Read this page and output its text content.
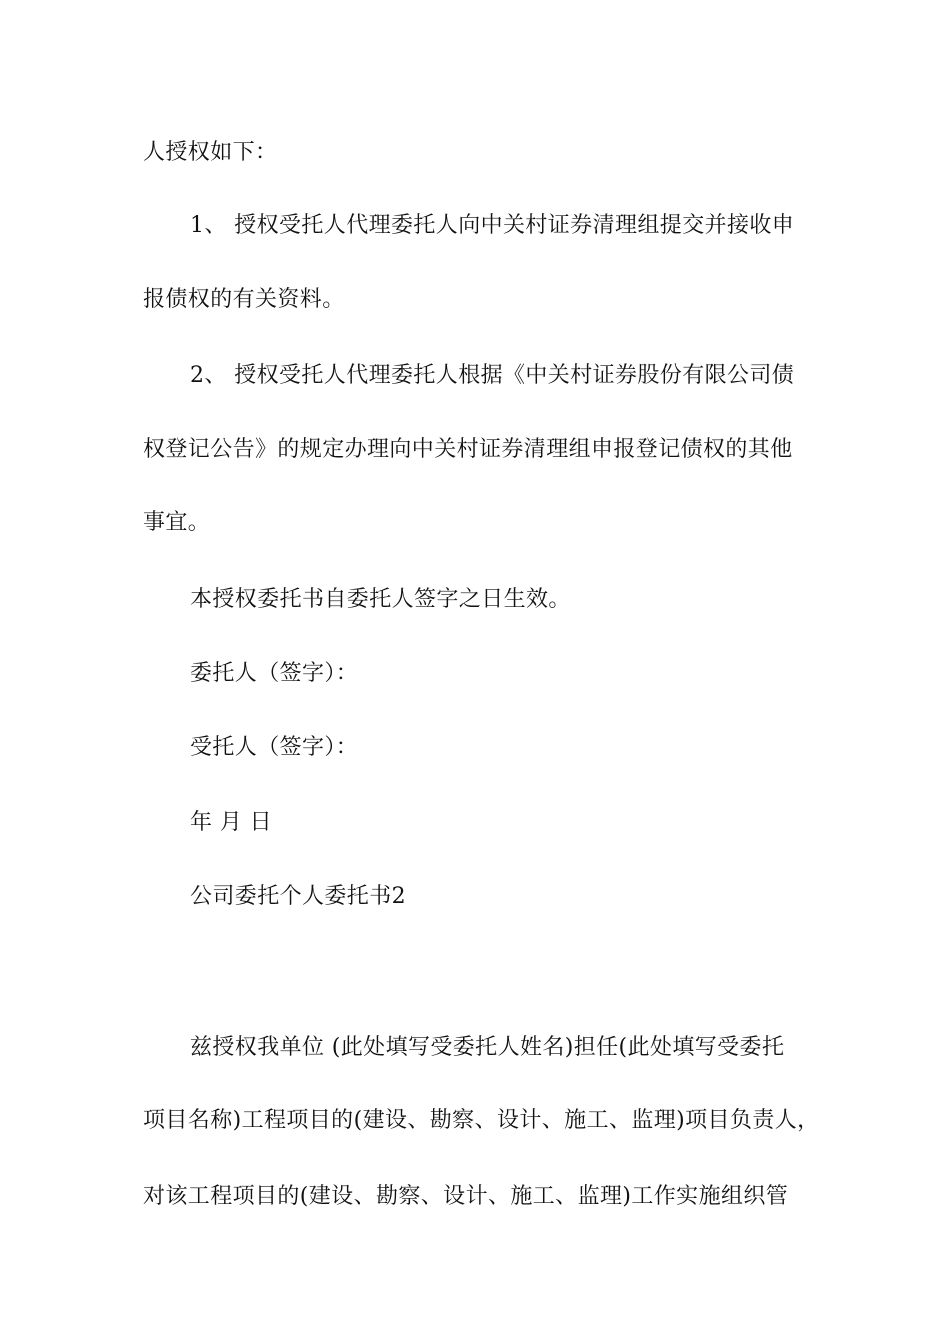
人授权如下：
1、 授权受托人代理委托人向中关村证券清理组提交并接收申
报债权的有关资料。
2、 授权受托人代理委托人根据《中关村证券股份有限公司债
权登记公告》的规定办理向中关村证券清理组申报登记债权的其他
事宜。
本授权委托书自委托人签字之日生效。
委托人（签字）：
受托人（签字）：
年 月 日
公司委托个人委托书2
兹授权我单位 (此处填写受委托人姓名)担任(此处填写受委托
项目名称)工程项目的(建设、勘察、设计、施工、监理)项目负责人，
对该工程项目的(建设、勘察、设计、施工、监理)工作实施组织管
